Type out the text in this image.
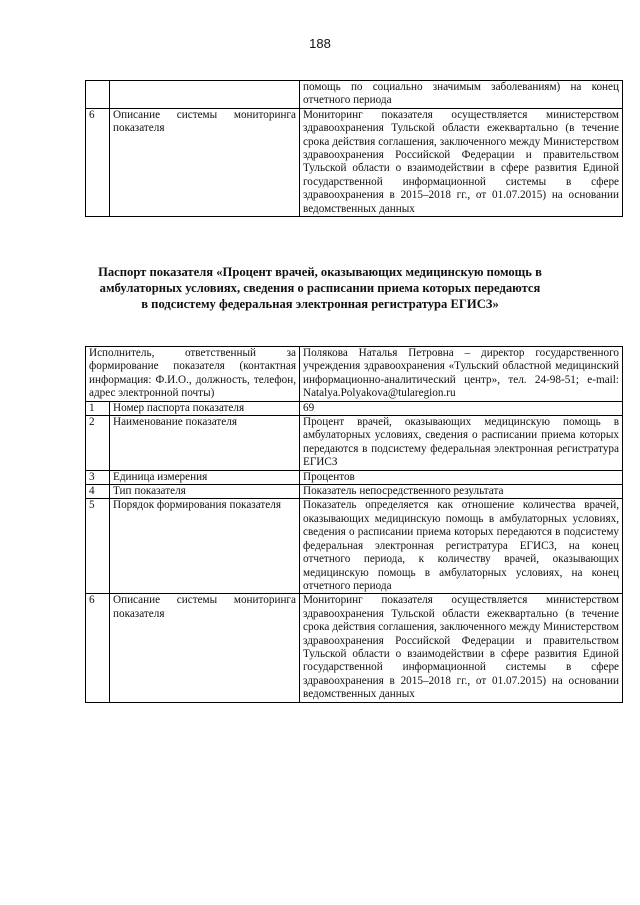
188
		помощь по социально значимым заболеваниям) на конец отчетного периода
6	Описание системы мониторинга показателя	Мониторинг показателя осуществляется министерством здравоохранения Тульской области ежеквартально (в течение срока действия соглашения, заключенного между Министерством здравоохранения Российской Федерации и правительством Тульской области о взаимодействии в сфере развития Единой государственной информационной системы в сфере здравоохранения в 2015–2018 гг., от 01.07.2015) на основании ведомственных данных
Паспорт показателя «Процент врачей, оказывающих медицинскую помощь в амбулаторных условиях, сведения о расписании приема которых передаются в подсистему федеральная электронная регистратура ЕГИСЗ»
Исполнитель, ответственный за формирование показателя (контактная информация: Ф.И.О., должность, телефон, адрес электронной почты)		Полякова Наталья Петровна – директор государственного учреждения здравоохранения «Тульский областной медицинский информационно-аналитический центр», тел. 24-98-51; e-mail: Natalya.Polyakova@tularegion.ru
1	Номер паспорта показателя	69
2	Наименование показателя	Процент врачей, оказывающих медицинскую помощь в амбулаторных условиях, сведения о расписании приема которых передаются в подсистему федеральная электронная регистратура ЕГИСЗ
3	Единица измерения	Процентов
4	Тип показателя	Показатель непосредственного результата
5	Порядок формирования показателя	Показатель определяется как отношение количества врачей, оказывающих медицинскую помощь в амбулаторных условиях, сведения о расписании приема которых передаются в подсистему федеральная электронная регистратура ЕГИСЗ, на конец отчетного периода, к количеству врачей, оказывающих медицинскую помощь в амбулаторных условиях, на конец отчетного периода
6	Описание системы мониторинга показателя	Мониторинг показателя осуществляется министерством здравоохранения Тульской области ежеквартально (в течение срока действия соглашения, заключенного между Министерством здравоохранения Российской Федерации и правительством Тульской области о взаимодействии в сфере развития Единой государственной информационной системы в сфере здравоохранения в 2015–2018 гг., от 01.07.2015) на основании ведомственных данных
